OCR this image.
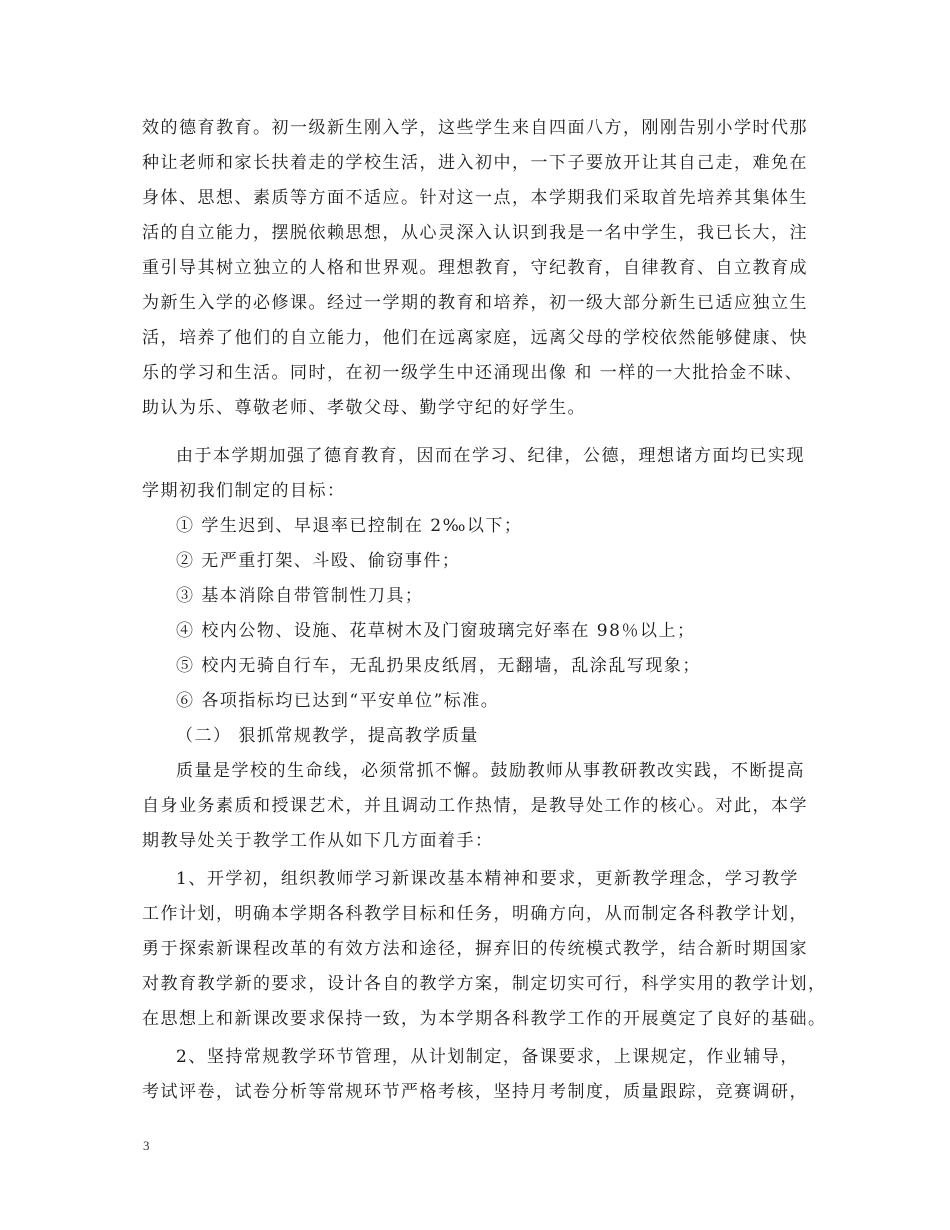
效的德育教育。初一级新生刚入学，这些学生来自四面八方，刚刚告别小学时代那
种让老师和家长扶着走的学校生活，进入初中，一下子要放开让其自己走，难免在
身体、思想、素质等方面不适应。针对这一点，本学期我们采取首先培养其集体生
活的自立能力，摆脱依赖思想，从心灵深入认识到我是一名中学生，我已长大，注
重引导其树立独立的人格和世界观。理想教育，守纪教育，自律教育、自立教育成
为新生入学的必修课。经过一学期的教育和培养，初一级大部分新生已适应独立生
活，培养了他们的自立能力，他们在远离家庭，远离父母的学校依然能够健康、快
乐的学习和生活。同时，在初一级学生中还涌现出像 和 一样的一大批拾金不昧、
助认为乐、尊敬老师、孝敬父母、勤学守纪的好学生。
由于本学期加强了德育教育，因而在学习、纪律，公德，理想诸方面均已实现
学期初我们制定的目标：
① 学生迟到、早退率已控制在 2‰以下；
② 无严重打架、斗殴、偷窃事件；
③ 基本消除自带管制性刀具；
④ 校内公物、设施、花草树木及门窗玻璃完好率在 98％以上；
⑤ 校内无骑自行车，无乱扔果皮纸屑，无翻墙，乱涂乱写现象；
⑥ 各项指标均已达到“平安单位”标准。
（二） 狠抓常规教学，提高教学质量
质量是学校的生命线，必须常抓不懈。鼓励教师从事教研教改实践，不断提高
自身业务素质和授课艺术，并且调动工作热情，是教导处工作的核心。对此，本学
期教导处关于教学工作从如下几方面着手：
1、开学初，组织教师学习新课改基本精神和要求，更新教学理念，学习教学
工作计划，明确本学期各科教学目标和任务，明确方向，从而制定各科教学计划，
勇于探索新课程改革的有效方法和途径，摒弃旧的传统模式教学，结合新时期国家
对教育教学新的要求，设计各自的教学方案，制定切实可行，科学实用的教学计划，
在思想上和新课改要求保持一致，为本学期各科教学工作的开展奠定了良好的基础。
2、坚持常规教学环节管理，从计划制定，备课要求，上课规定，作业辅导，
考试评卷，试卷分析等常规环节严格考核，坚持月考制度，质量跟踪，竞赛调研，
3
